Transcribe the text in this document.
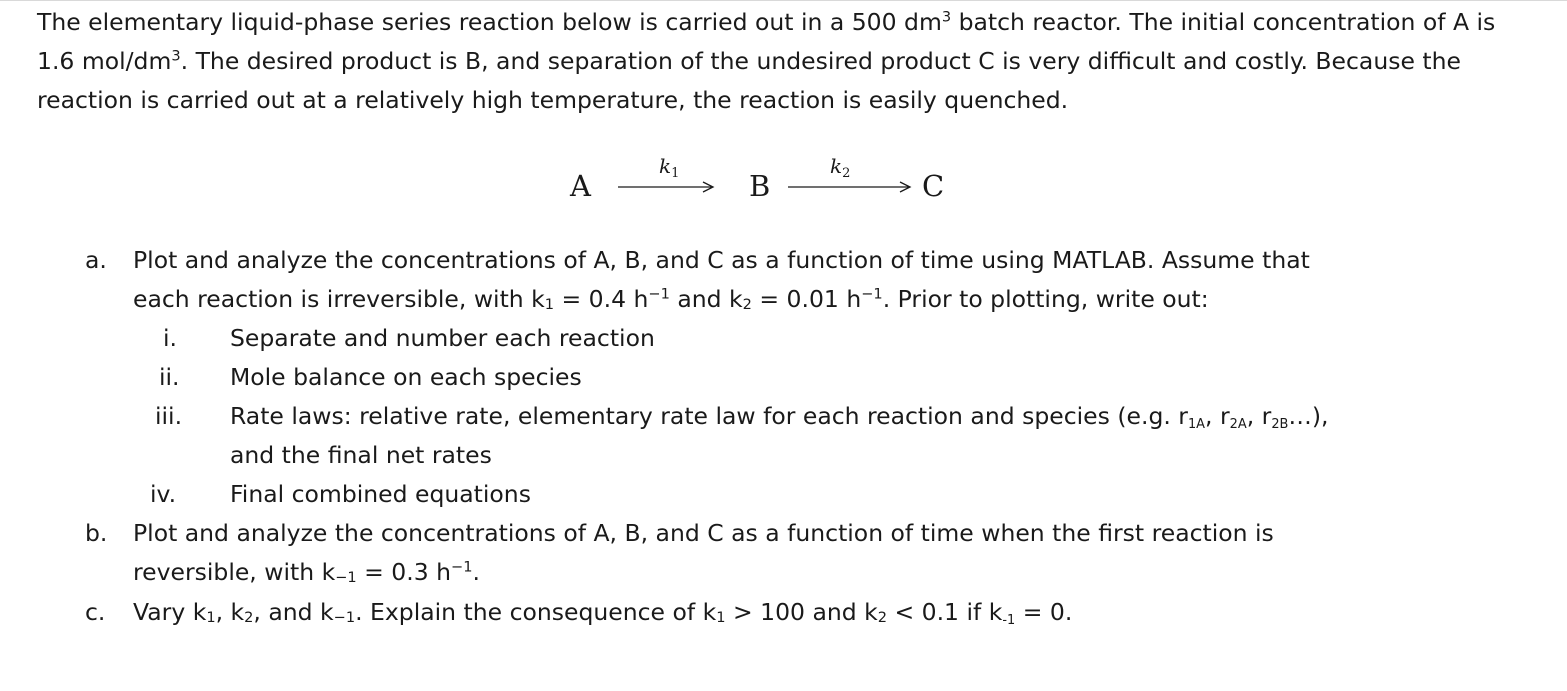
The elementary liquid-phase series reaction below is carried out in a 500 $dm^3$ batch reactor. The initial concentration of A is 1.6 mol/$dm^3$. The desired product is B, and separation of the undesired product C is very difficult and costly. Because the reaction is carried out at a relatively high temperature, the reaction is easily quenched.

A
$k_1$ B
$k_2$ C
a. Plot and analyze the concentrations of A, B, and C as a function of time using MATLAB. Assume that
each reaction is irreversible, with $k_1 = 0.4$ $h^{-1}$ and $k_2 = 0.01$ $h^{-1}$. Prior to plotting, write out:
i. Separate and number each reaction
ii. Mole balance on each species
iii. Rate laws: relative rate, elementary rate law for each reaction and species (e.g. $r_{1A}$, $r_{2A}$, $r_{2B}\dots$),
and the final net rates
iv. Final combined equations
b. Plot and analyze the concentrations of A, B, and C as a function of time when the first reaction is
reversible, with $k_{-1} = 0.3$ $h^{-1}$.
c. Vary $k_1$, $k_2$, and $k_{-1}$. Explain the consequence of $k_1 > 100$ and $k_2 < 0.1$ if $k_{-1} = 0$.
